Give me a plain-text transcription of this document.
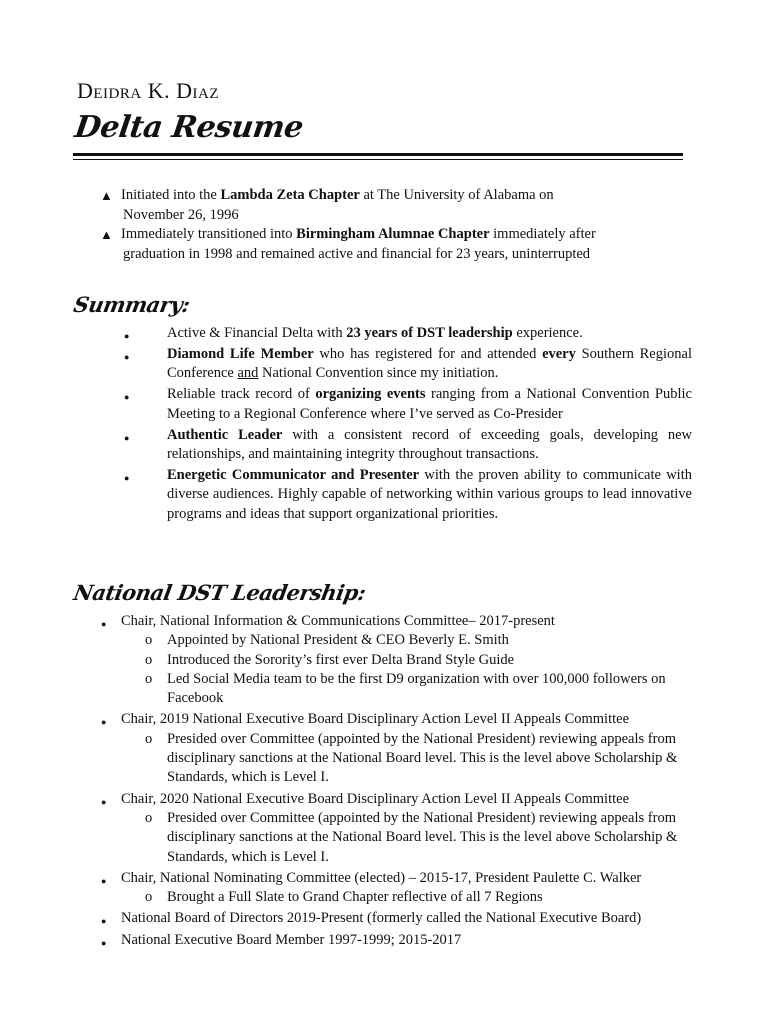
Deidra K. Diaz
Delta Resume
▲ Initiated into the Lambda Zeta Chapter at The University of Alabama on
November 26, 1996
▲ Immediately transitioned into Birmingham Alumnae Chapter immediately after
graduation in 1998 and remained active and financial for 23 years, uninterrupted
Summary:
●	Active & Financial Delta with 23 years of DST leadership experience.
●	Diamond Life Member who has registered for and attended every Southern Regional Conference and National Convention since my initiation.
●	Reliable track record of organizing events ranging from a National Convention Public Meeting to a Regional Conference where I’ve served as Co-Presider
●	Authentic Leader with a consistent record of exceeding goals, developing new relationships, and maintaining integrity throughout transactions.
●	Energetic Communicator and Presenter with the proven ability to communicate with diverse audiences. Highly capable of networking within various groups to lead innovative programs and ideas that support organizational priorities.
National DST Leadership:
● Chair, National Information & Communications Committee– 2017-present
o Appointed by National President & CEO Beverly E. Smith
o Introduced the Sorority’s first ever Delta Brand Style Guide
o Led Social Media team to be the first D9 organization with over 100,000 followers on Facebook
● Chair, 2019 National Executive Board Disciplinary Action Level II Appeals Committee
o Presided over Committee (appointed by the National President) reviewing appeals from disciplinary sanctions at the National Board level. This is the level above Scholarship & Standards, which is Level I.
● Chair, 2020 National Executive Board Disciplinary Action Level II Appeals Committee
o Presided over Committee (appointed by the National President) reviewing appeals from disciplinary sanctions at the National Board level. This is the level above Scholarship & Standards, which is Level I.
● Chair, National Nominating Committee (elected) – 2015-17, President Paulette C. Walker
o Brought a Full Slate to Grand Chapter reflective of all 7 Regions
● National Board of Directors 2019-Present (formerly called the National Executive Board)
● National Executive Board Member 1997-1999; 2015-2017
